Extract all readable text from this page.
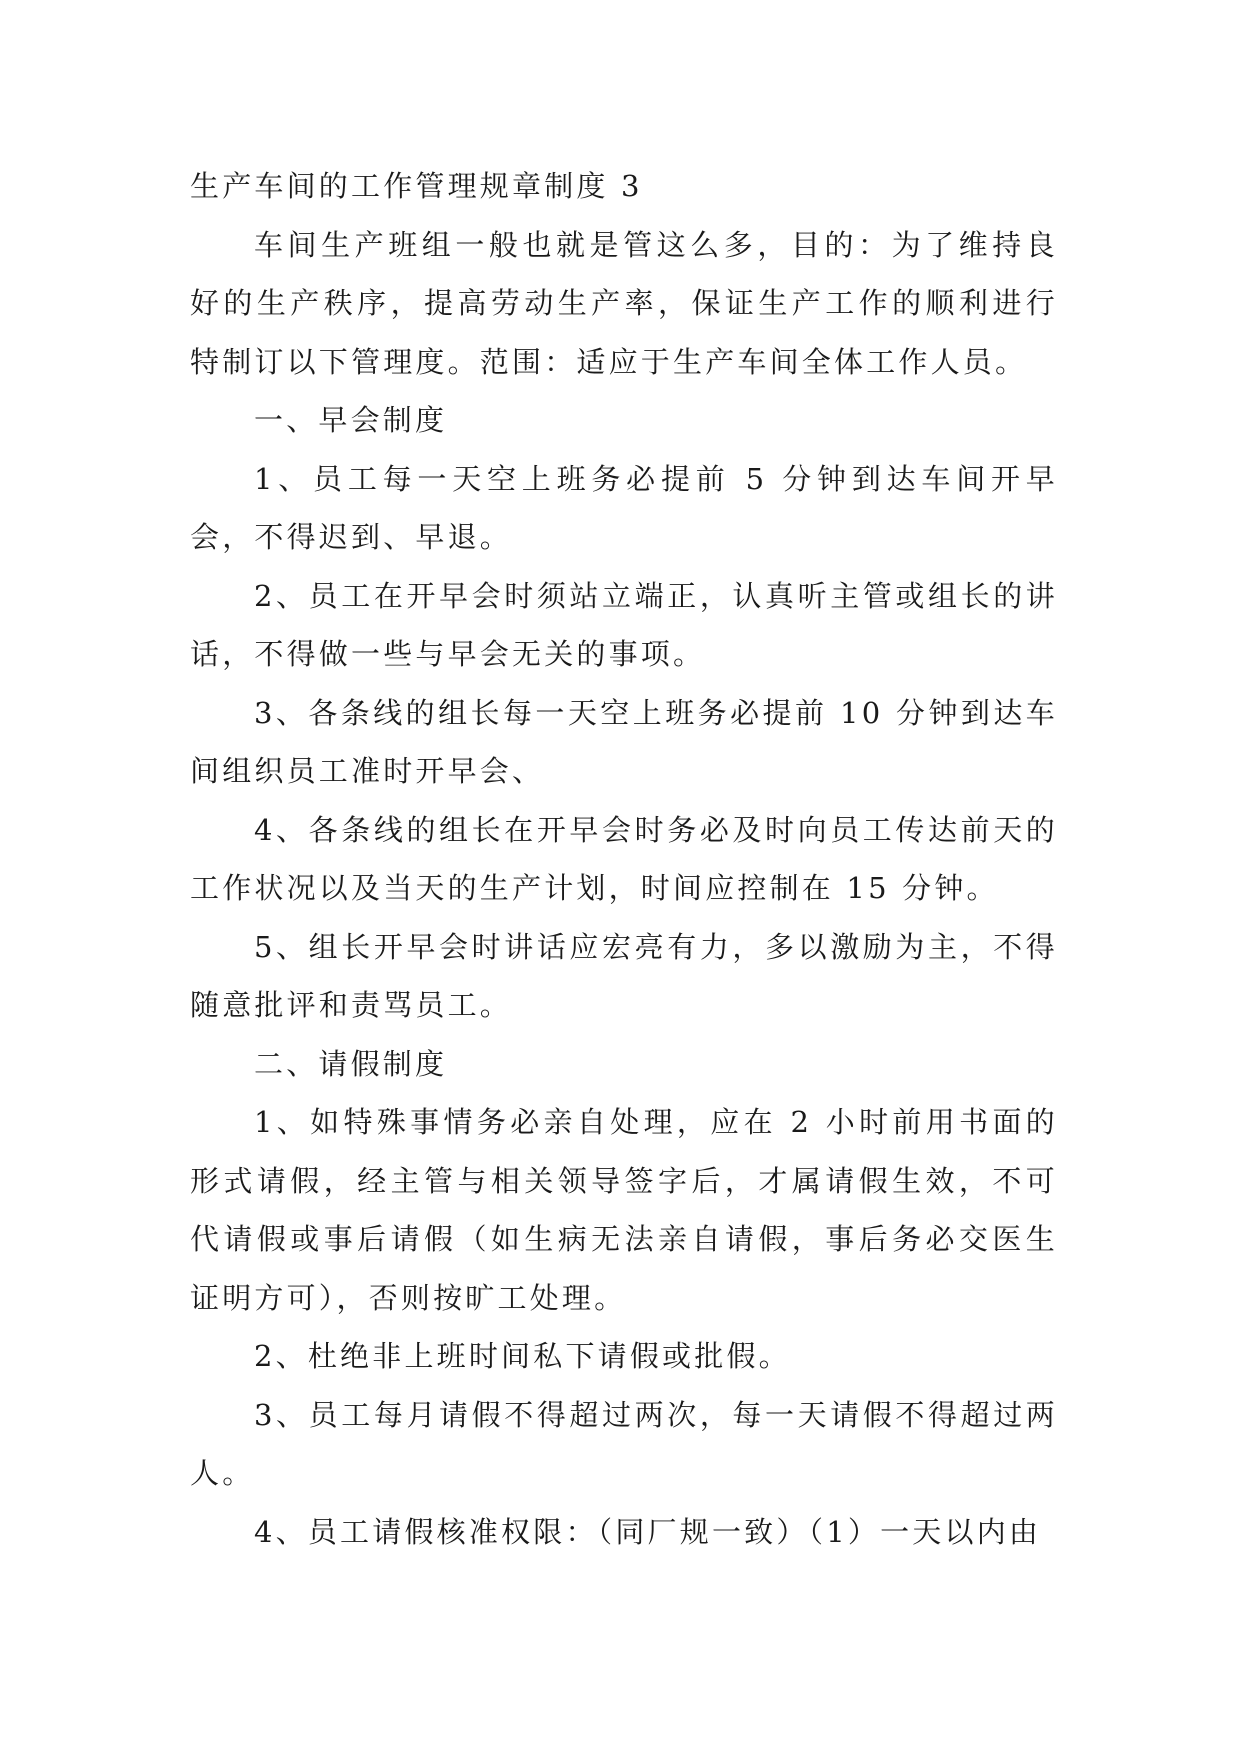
生产车间的工作管理规章制度 3

车间生产班组一般也就是管这么多，目的：为了维持良好的生产秩序，提高劳动生产率，保证生产工作的顺利进行特制订以下管理度。范围：适应于生产车间全体工作人员。

一、早会制度

1、员工每一天空上班务必提前 5 分钟到达车间开早会，不得迟到、早退。

2、员工在开早会时须站立端正，认真听主管或组长的讲话，不得做一些与早会无关的事项。

3、各条线的组长每一天空上班务必提前 10 分钟到达车间组织员工准时开早会、

4、各条线的组长在开早会时务必及时向员工传达前天的工作状况以及当天的生产计划，时间应控制在 15 分钟。

5、组长开早会时讲话应宏亮有力，多以激励为主，不得随意批评和责骂员工。

二、请假制度

1、如特殊事情务必亲自处理，应在 2 小时前用书面的形式请假，经主管与相关领导签字后，才属请假生效，不可代请假或事后请假（如生病无法亲自请假，事后务必交医生证明方可），否则按旷工处理。

2、杜绝非上班时间私下请假或批假。

3、员工每月请假不得超过两次，每一天请假不得超过两人。

4、员工请假核准权限：（同厂规一致）（1）一天以内由
